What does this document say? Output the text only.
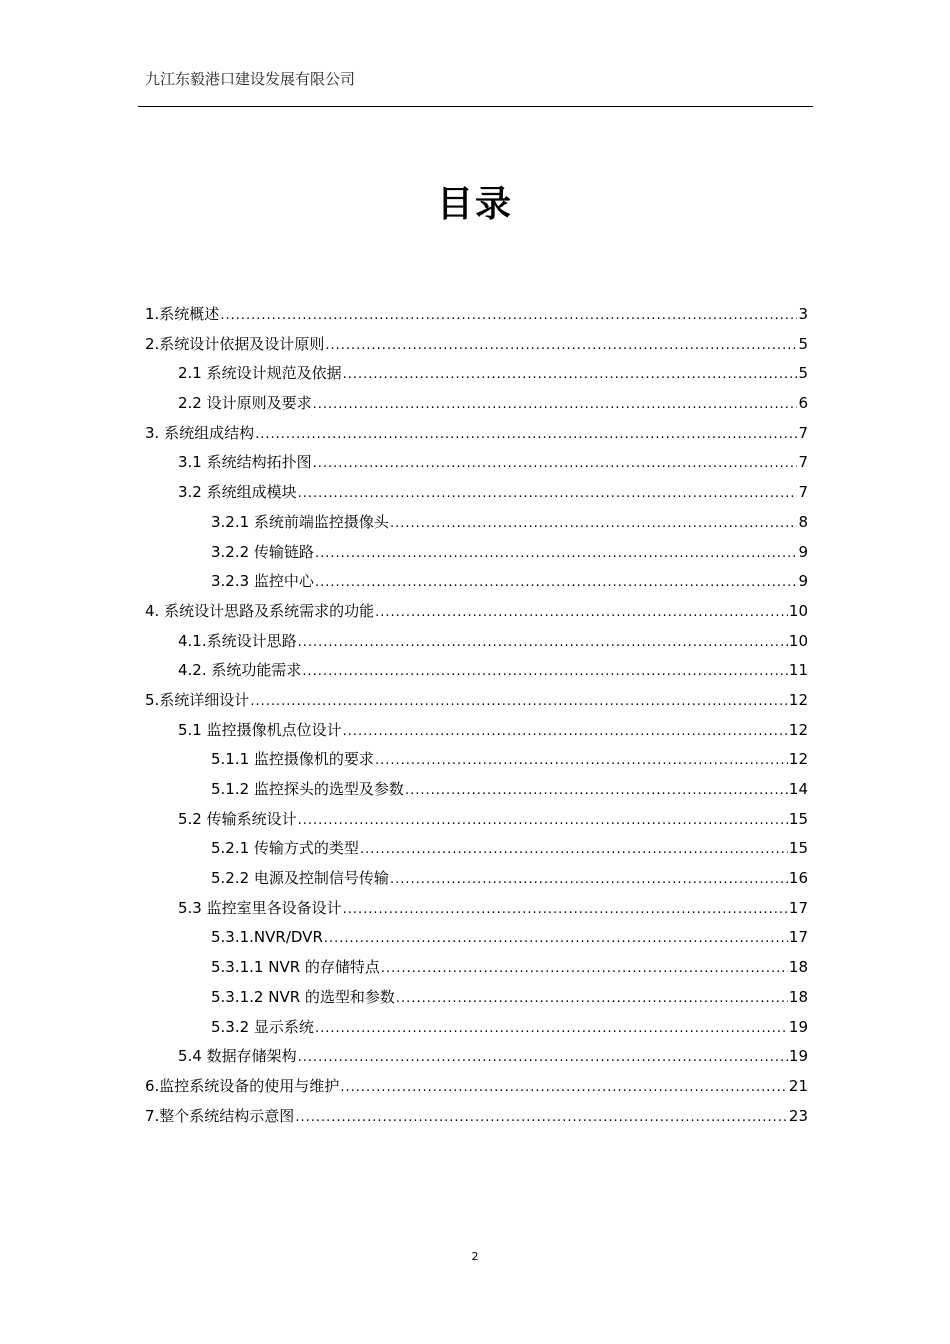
九江东毅港口建设发展有限公司
目录
1.系统概述 .....	3
2.系统设计依据及设计原则 .....	5
2.1 系统设计规范及依据 .....	5
2.2 设计原则及要求 .....	6
3. 系统组成结构 .....	7
3.1 系统结构拓扑图 .....	7
3.2 系统组成模块 .....	7
3.2.1 系统前端监控摄像头 .....	8
3.2.2 传输链路 .....	9
3.2.3 监控中心 .....	9
4. 系统设计思路及系统需求的功能 .....	10
4.1.系统设计思路 .....	10
4.2. 系统功能需求 .....	11
5.系统详细设计 .....	12
5.1 监控摄像机点位设计 .....	12
5.1.1 监控摄像机的要求 .....	12
5.1.2 监控探头的选型及参数 .....	14
5.2 传输系统设计 .....	15
5.2.1 传输方式的类型 .....	15
5.2.2 电源及控制信号传输 .....	16
5.3 监控室里各设备设计 .....	17
5.3.1.NVR/DVR .....	17
5.3.1.1 NVR 的存储特点 .....	18
5.3.1.2 NVR 的选型和参数 .....	18
5.3.2 显示系统 .....	19
5.4 数据存储架构 .....	19
6.监控系统设备的使用与维护 .....	21
7.整个系统结构示意图 .....	23
2
